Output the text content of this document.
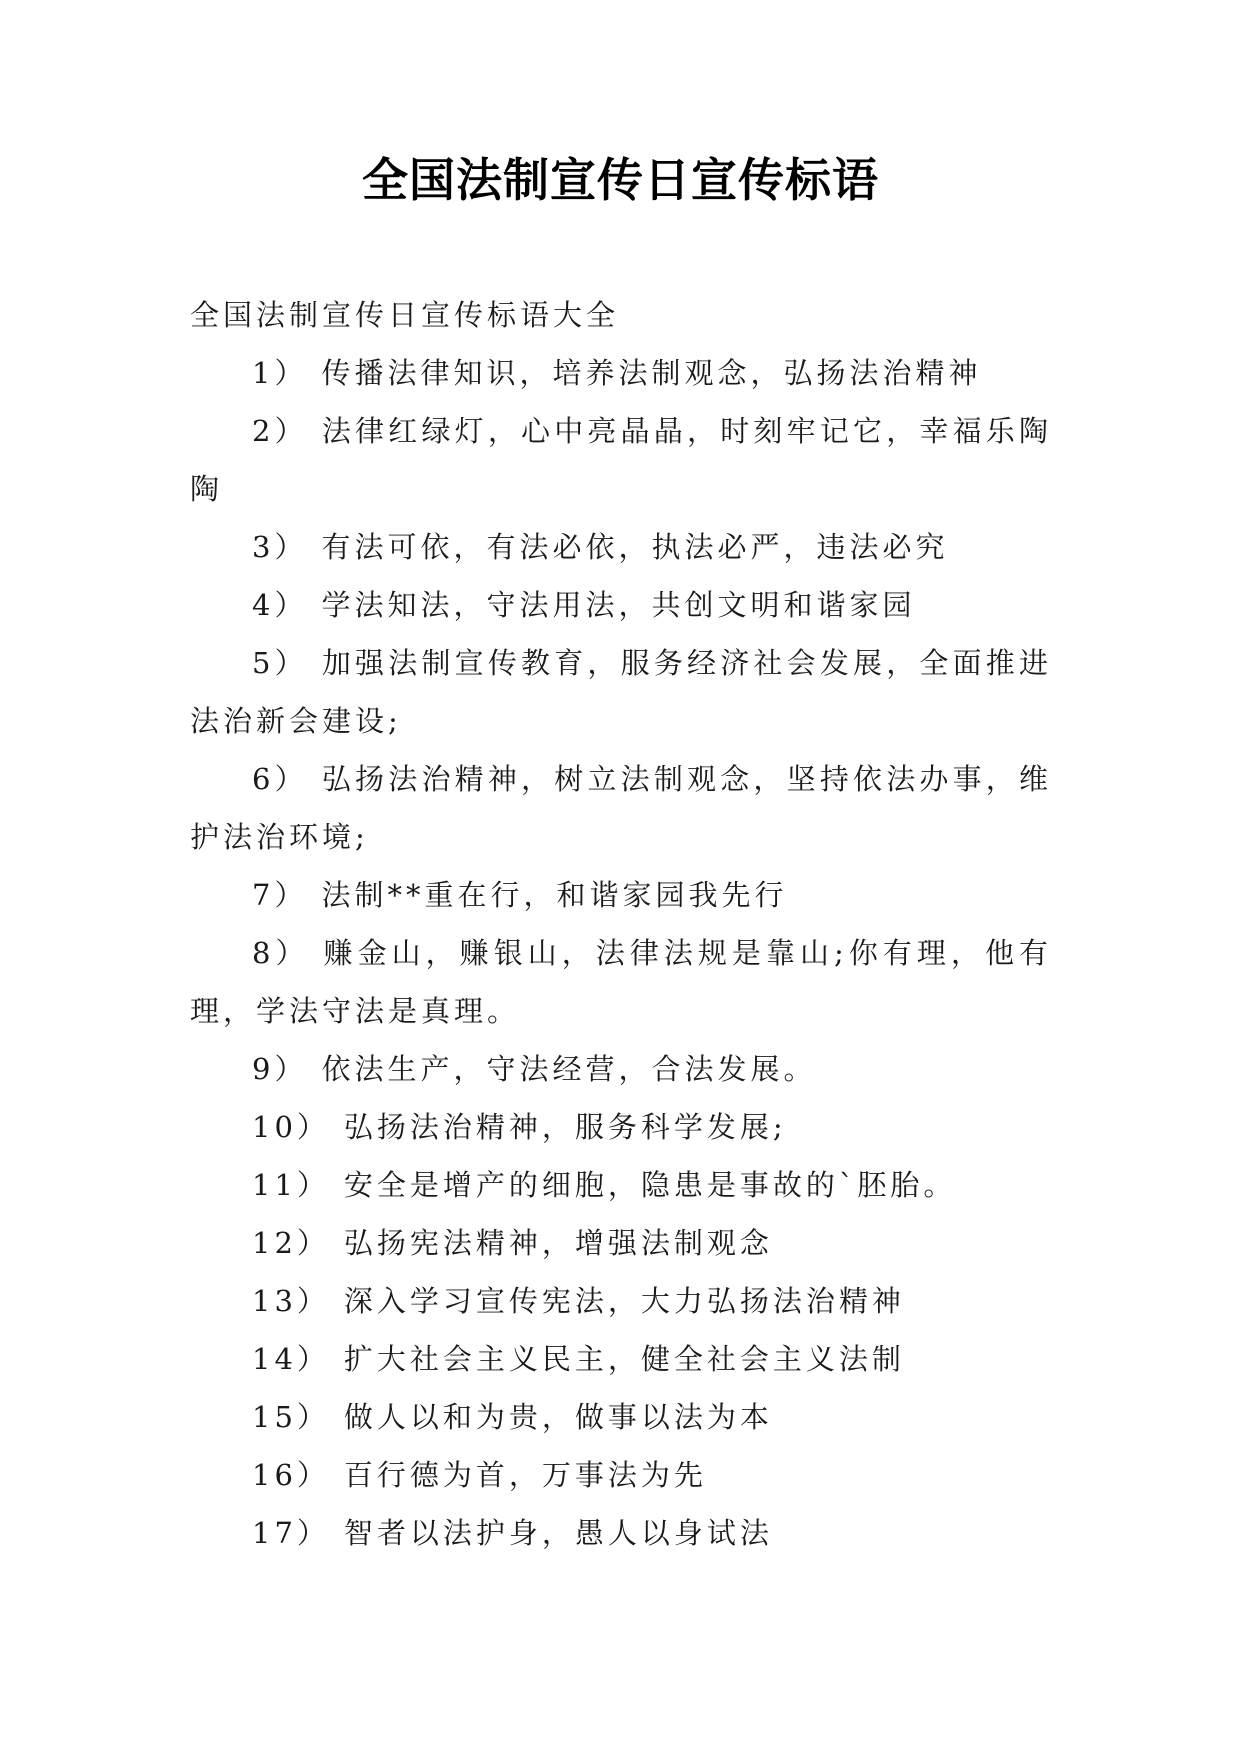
全国法制宣传日宣传标语

全国法制宣传日宣传标语大全

1） 传播法律知识，培养法制观念，弘扬法治精神

2） 法律红绿灯，心中亮晶晶，时刻牢记它，幸福乐陶陶

3） 有法可依，有法必依，执法必严，违法必究

4） 学法知法，守法用法，共创文明和谐家园

5） 加强法制宣传教育，服务经济社会发展，全面推进法治新会建设;

6） 弘扬法治精神，树立法制观念，坚持依法办事，维护法治环境;

7） 法制**重在行，和谐家园我先行

8） 赚金山，赚银山，法律法规是靠山;你有理，他有理，学法守法是真理。

9） 依法生产，守法经营，合法发展。

10） 弘扬法治精神，服务科学发展;

11） 安全是增产的细胞，隐患是事故的`胚胎。

12） 弘扬宪法精神，增强法制观念

13） 深入学习宣传宪法，大力弘扬法治精神

14） 扩大社会主义民主，健全社会主义法制

15） 做人以和为贵，做事以法为本

16） 百行德为首，万事法为先

17） 智者以法护身，愚人以身试法
